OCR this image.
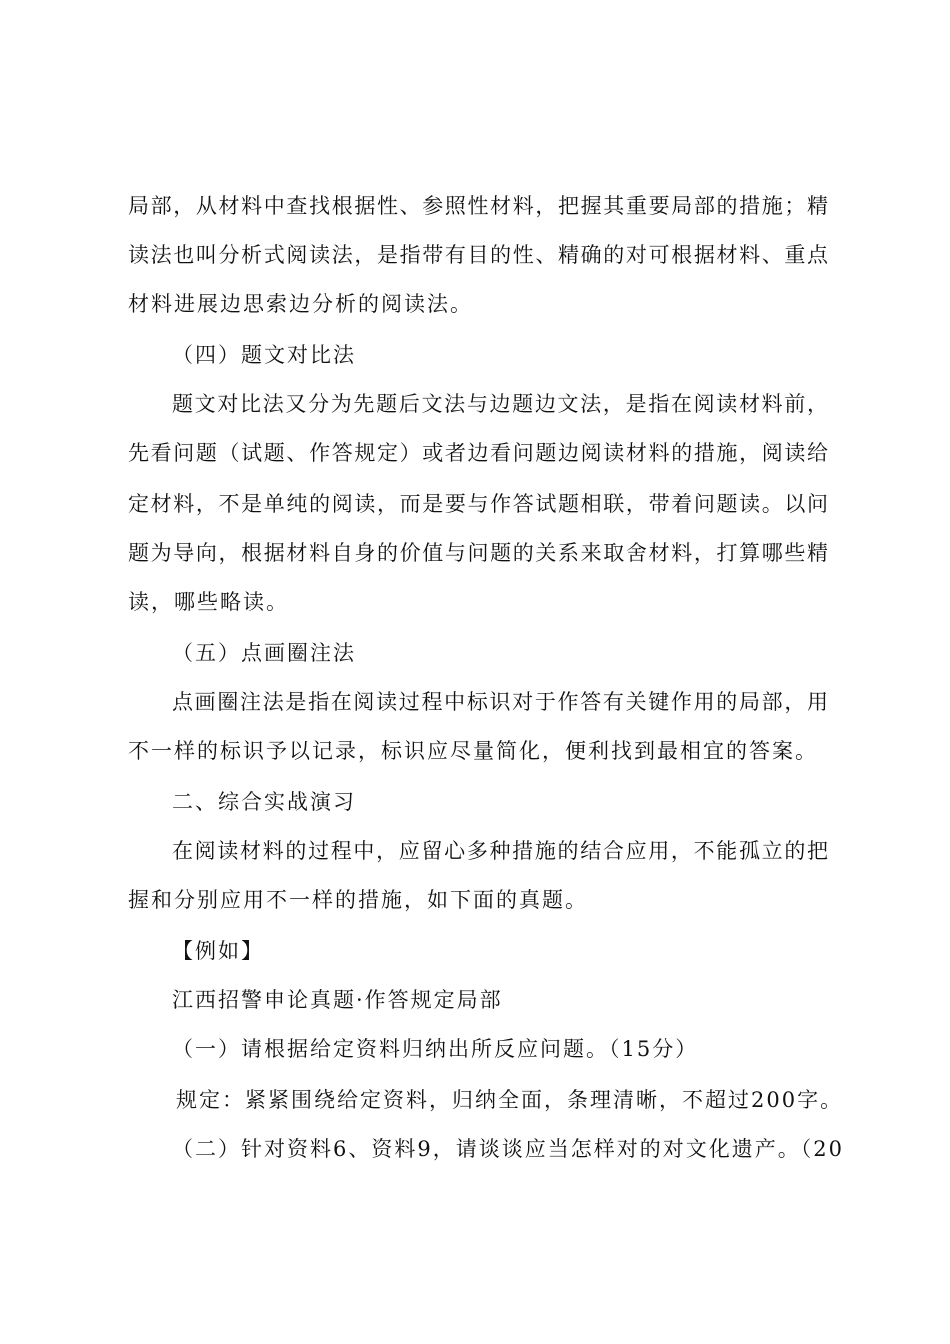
局部，从材料中查找根据性、参照性材料，把握其重要局部的措施；精
读法也叫分析式阅读法，是指带有目的性、精确的对可根据材料、重点
材料进展边思索边分析的阅读法。
（四）题文对比法
题文对比法又分为先题后文法与边题边文法，是指在阅读材料前，
先看问题（试题、作答规定）或者边看问题边阅读材料的措施，阅读给
定材料，不是单纯的阅读，而是要与作答试题相联，带着问题读。以问
题为导向，根据材料自身的价值与问题的关系来取舍材料，打算哪些精
读，哪些略读。
（五）点画圈注法
点画圈注法是指在阅读过程中标识对于作答有关键作用的局部，用
不一样的标识予以记录，标识应尽量简化，便利找到最相宜的答案。
二、综合实战演习
在阅读材料的过程中，应留心多种措施的结合应用，不能孤立的把
握和分别应用不一样的措施，如下面的真题。
【例如】
江西招警申论真题·作答规定局部
（一）请根据给定资料归纳出所反应问题。（15分）
规定：紧紧围绕给定资料，归纳全面，条理清晰，不超过200字。
（二）针对资料6、资料9，请谈谈应当怎样对的对文化遗产。（20
